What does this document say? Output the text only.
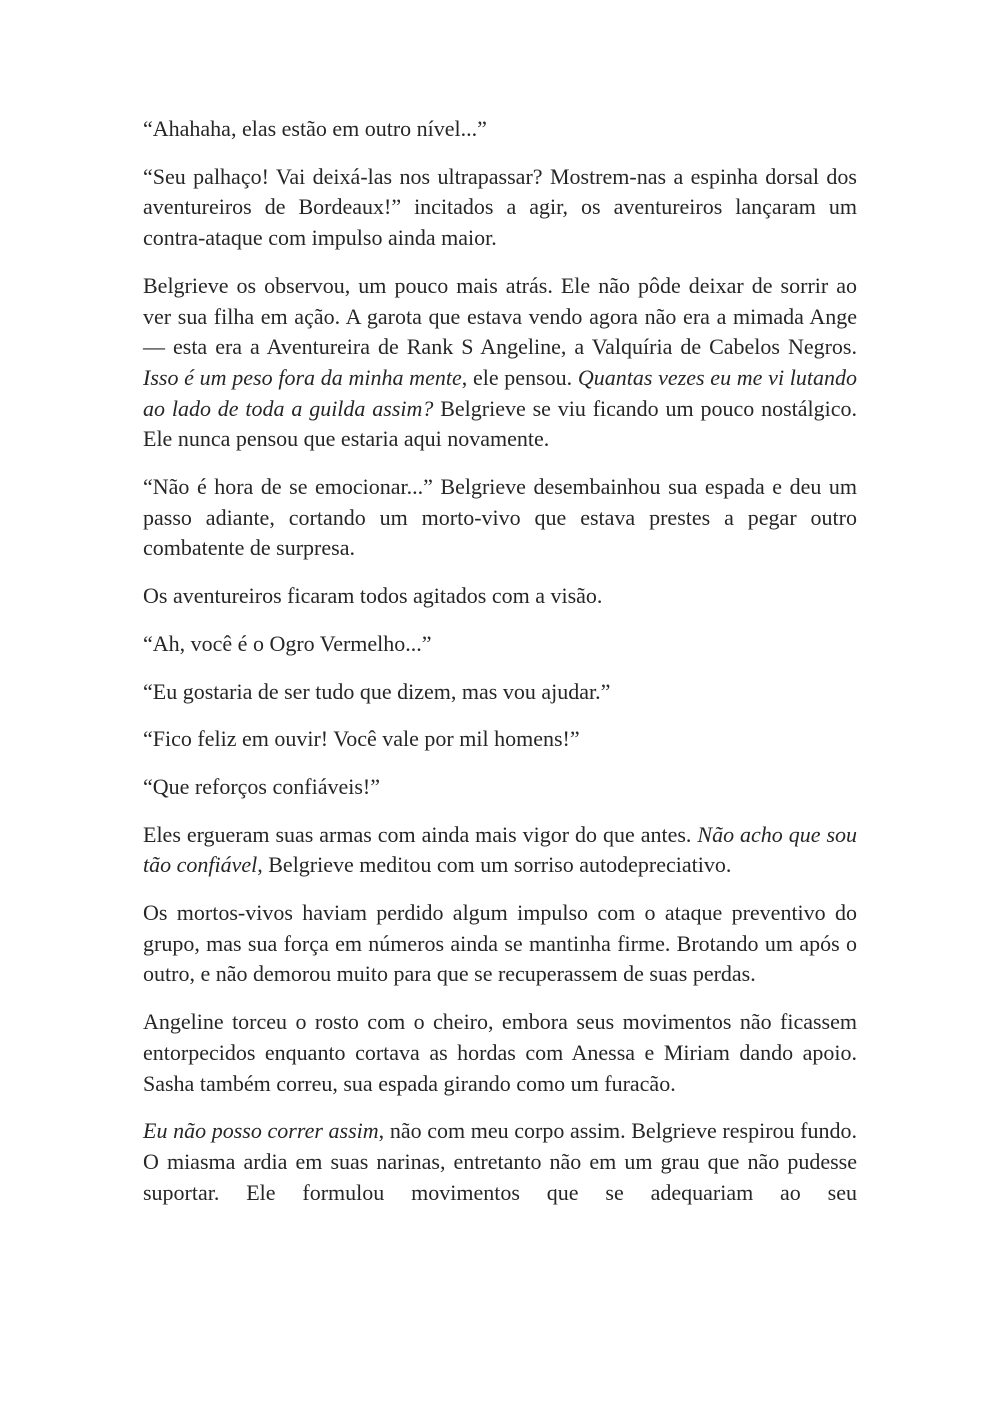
“Ahahaha, elas estão em outro nível...”

“Seu palhaço! Vai deixá-las nos ultrapassar? Mostrem-nas a espinha dorsal dos aventureiros de Bordeaux!” incitados a agir, os aventureiros lançaram um contra-ataque com impulso ainda maior.

Belgrieve os observou, um pouco mais atrás. Ele não pôde deixar de sorrir ao ver sua filha em ação. A garota que estava vendo agora não era a mimada Ange — esta era a Aventureira de Rank S Angeline, a Valquíria de Cabelos Negros. Isso é um peso fora da minha mente, ele pensou. Quantas vezes eu me vi lutando ao lado de toda a guilda assim? Belgrieve se viu ficando um pouco nostálgico. Ele nunca pensou que estaria aqui novamente.

“Não é hora de se emocionar...” Belgrieve desembainhou sua espada e deu um passo adiante, cortando um morto-vivo que estava prestes a pegar outro combatente de surpresa.

Os aventureiros ficaram todos agitados com a visão.

“Ah, você é o Ogro Vermelho...”

“Eu gostaria de ser tudo que dizem, mas vou ajudar.”

“Fico feliz em ouvir! Você vale por mil homens!”

“Que reforços confiáveis!”

Eles ergueram suas armas com ainda mais vigor do que antes. Não acho que sou tão confiável, Belgrieve meditou com um sorriso autodepreciativo.

Os mortos-vivos haviam perdido algum impulso com o ataque preventivo do grupo, mas sua força em números ainda se mantinha firme. Brotando um após o outro, e não demorou muito para que se recuperassem de suas perdas.

Angeline torceu o rosto com o cheiro, embora seus movimentos não ficassem entorpecidos enquanto cortava as hordas com Anessa e Miriam dando apoio. Sasha também correu, sua espada girando como um furacão.

Eu não posso correr assim, não com meu corpo assim. Belgrieve respirou fundo. O miasma ardia em suas narinas, entretanto não em um grau que não pudesse suportar. Ele formulou movimentos que se adequariam ao seu
